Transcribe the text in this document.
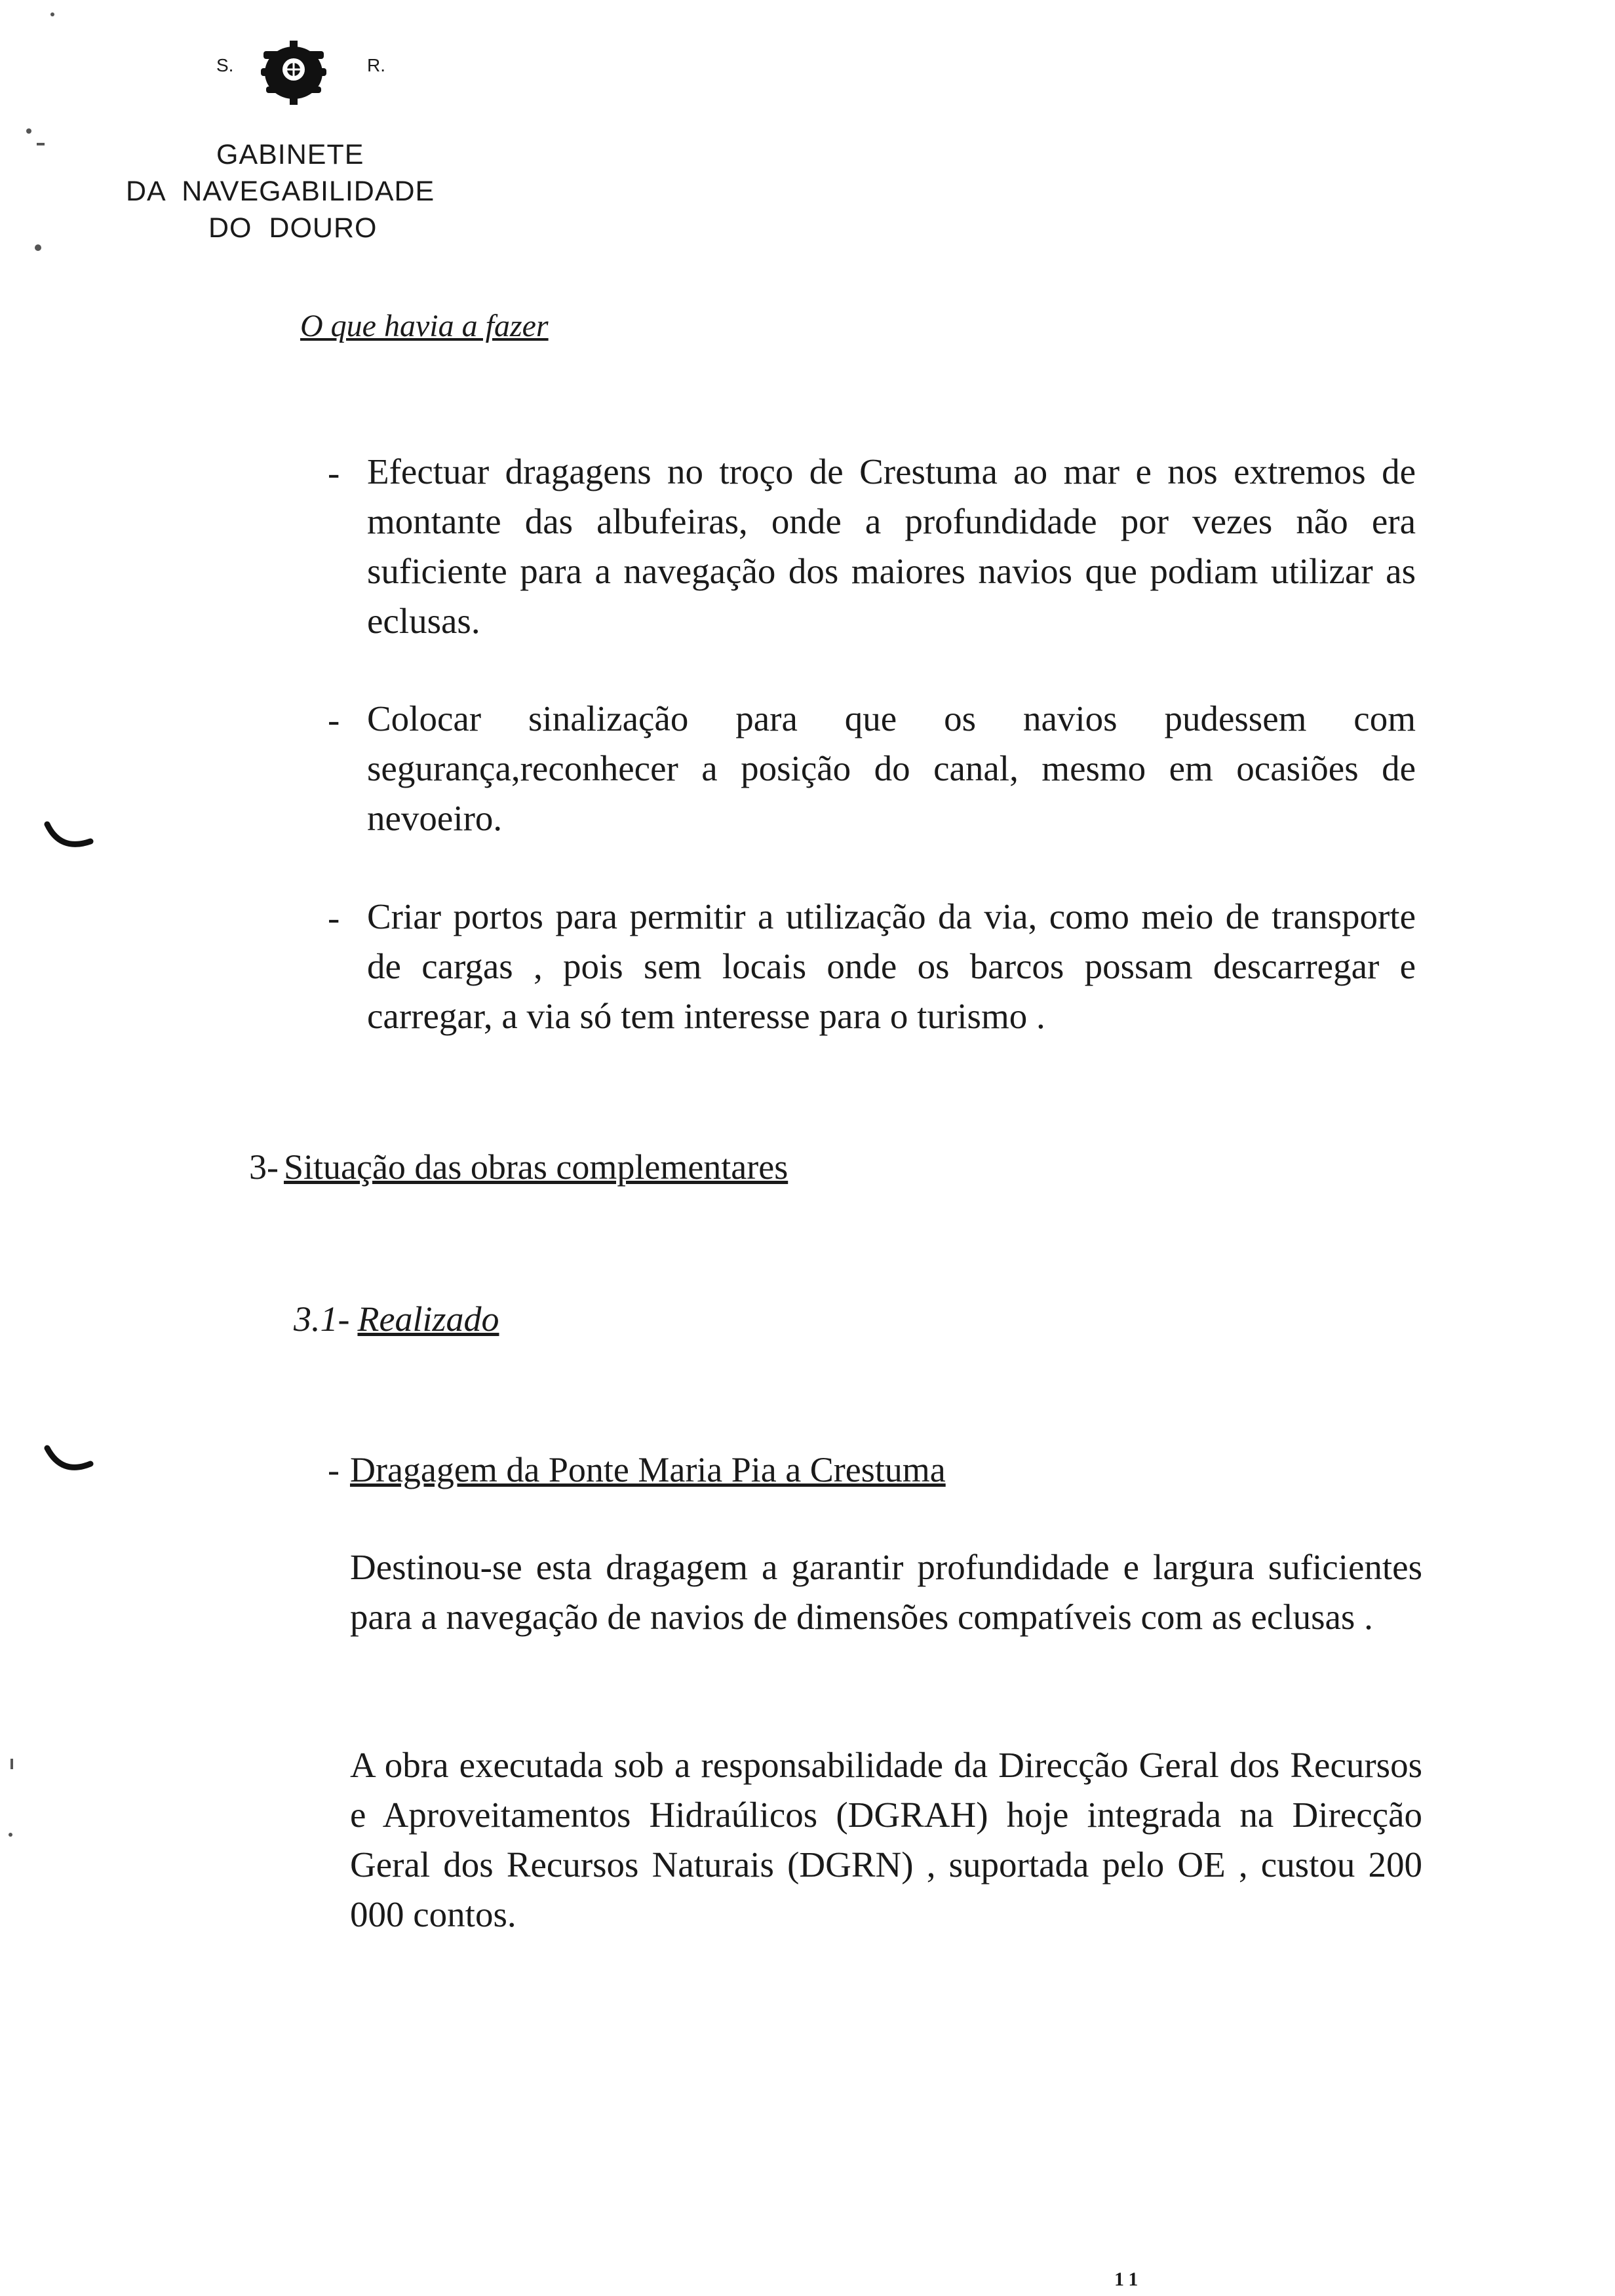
S.	R.
GABINETE
DA  NAVEGABILIDADE
DO  DOURO
O que havia a fazer
- Efectuar dragagens no troço de Crestuma ao mar e nos extremos de montante das albufeiras, onde a profundidade por vezes não era suficiente para a navegação dos maiores navios que podiam utilizar as eclusas.
- Colocar sinalização para que os navios pudessem com segurança,reconhecer a posição do canal, mesmo em ocasiões de nevoeiro.
- Criar portos para permitir a utilização da via, como meio de transporte de cargas , pois sem locais onde os barcos possam descarregar e carregar, a via só tem interesse para o turismo .
3- Situação das obras complementares
3.1- Realizado
- Dragagem da Ponte Maria Pia a Crestuma
Destinou-se esta dragagem a garantir profundidade e largura suficientes para a navegação de navios de dimensões compatíveis com as eclusas .
A obra executada sob a responsabilidade da Direcção Geral dos Recursos e Aproveitamentos Hidraúlicos (DGRAH) hoje integrada na Direcção Geral dos Recursos Naturais (DGRN) , suportada pelo OE , custou 200 000 contos.
11
